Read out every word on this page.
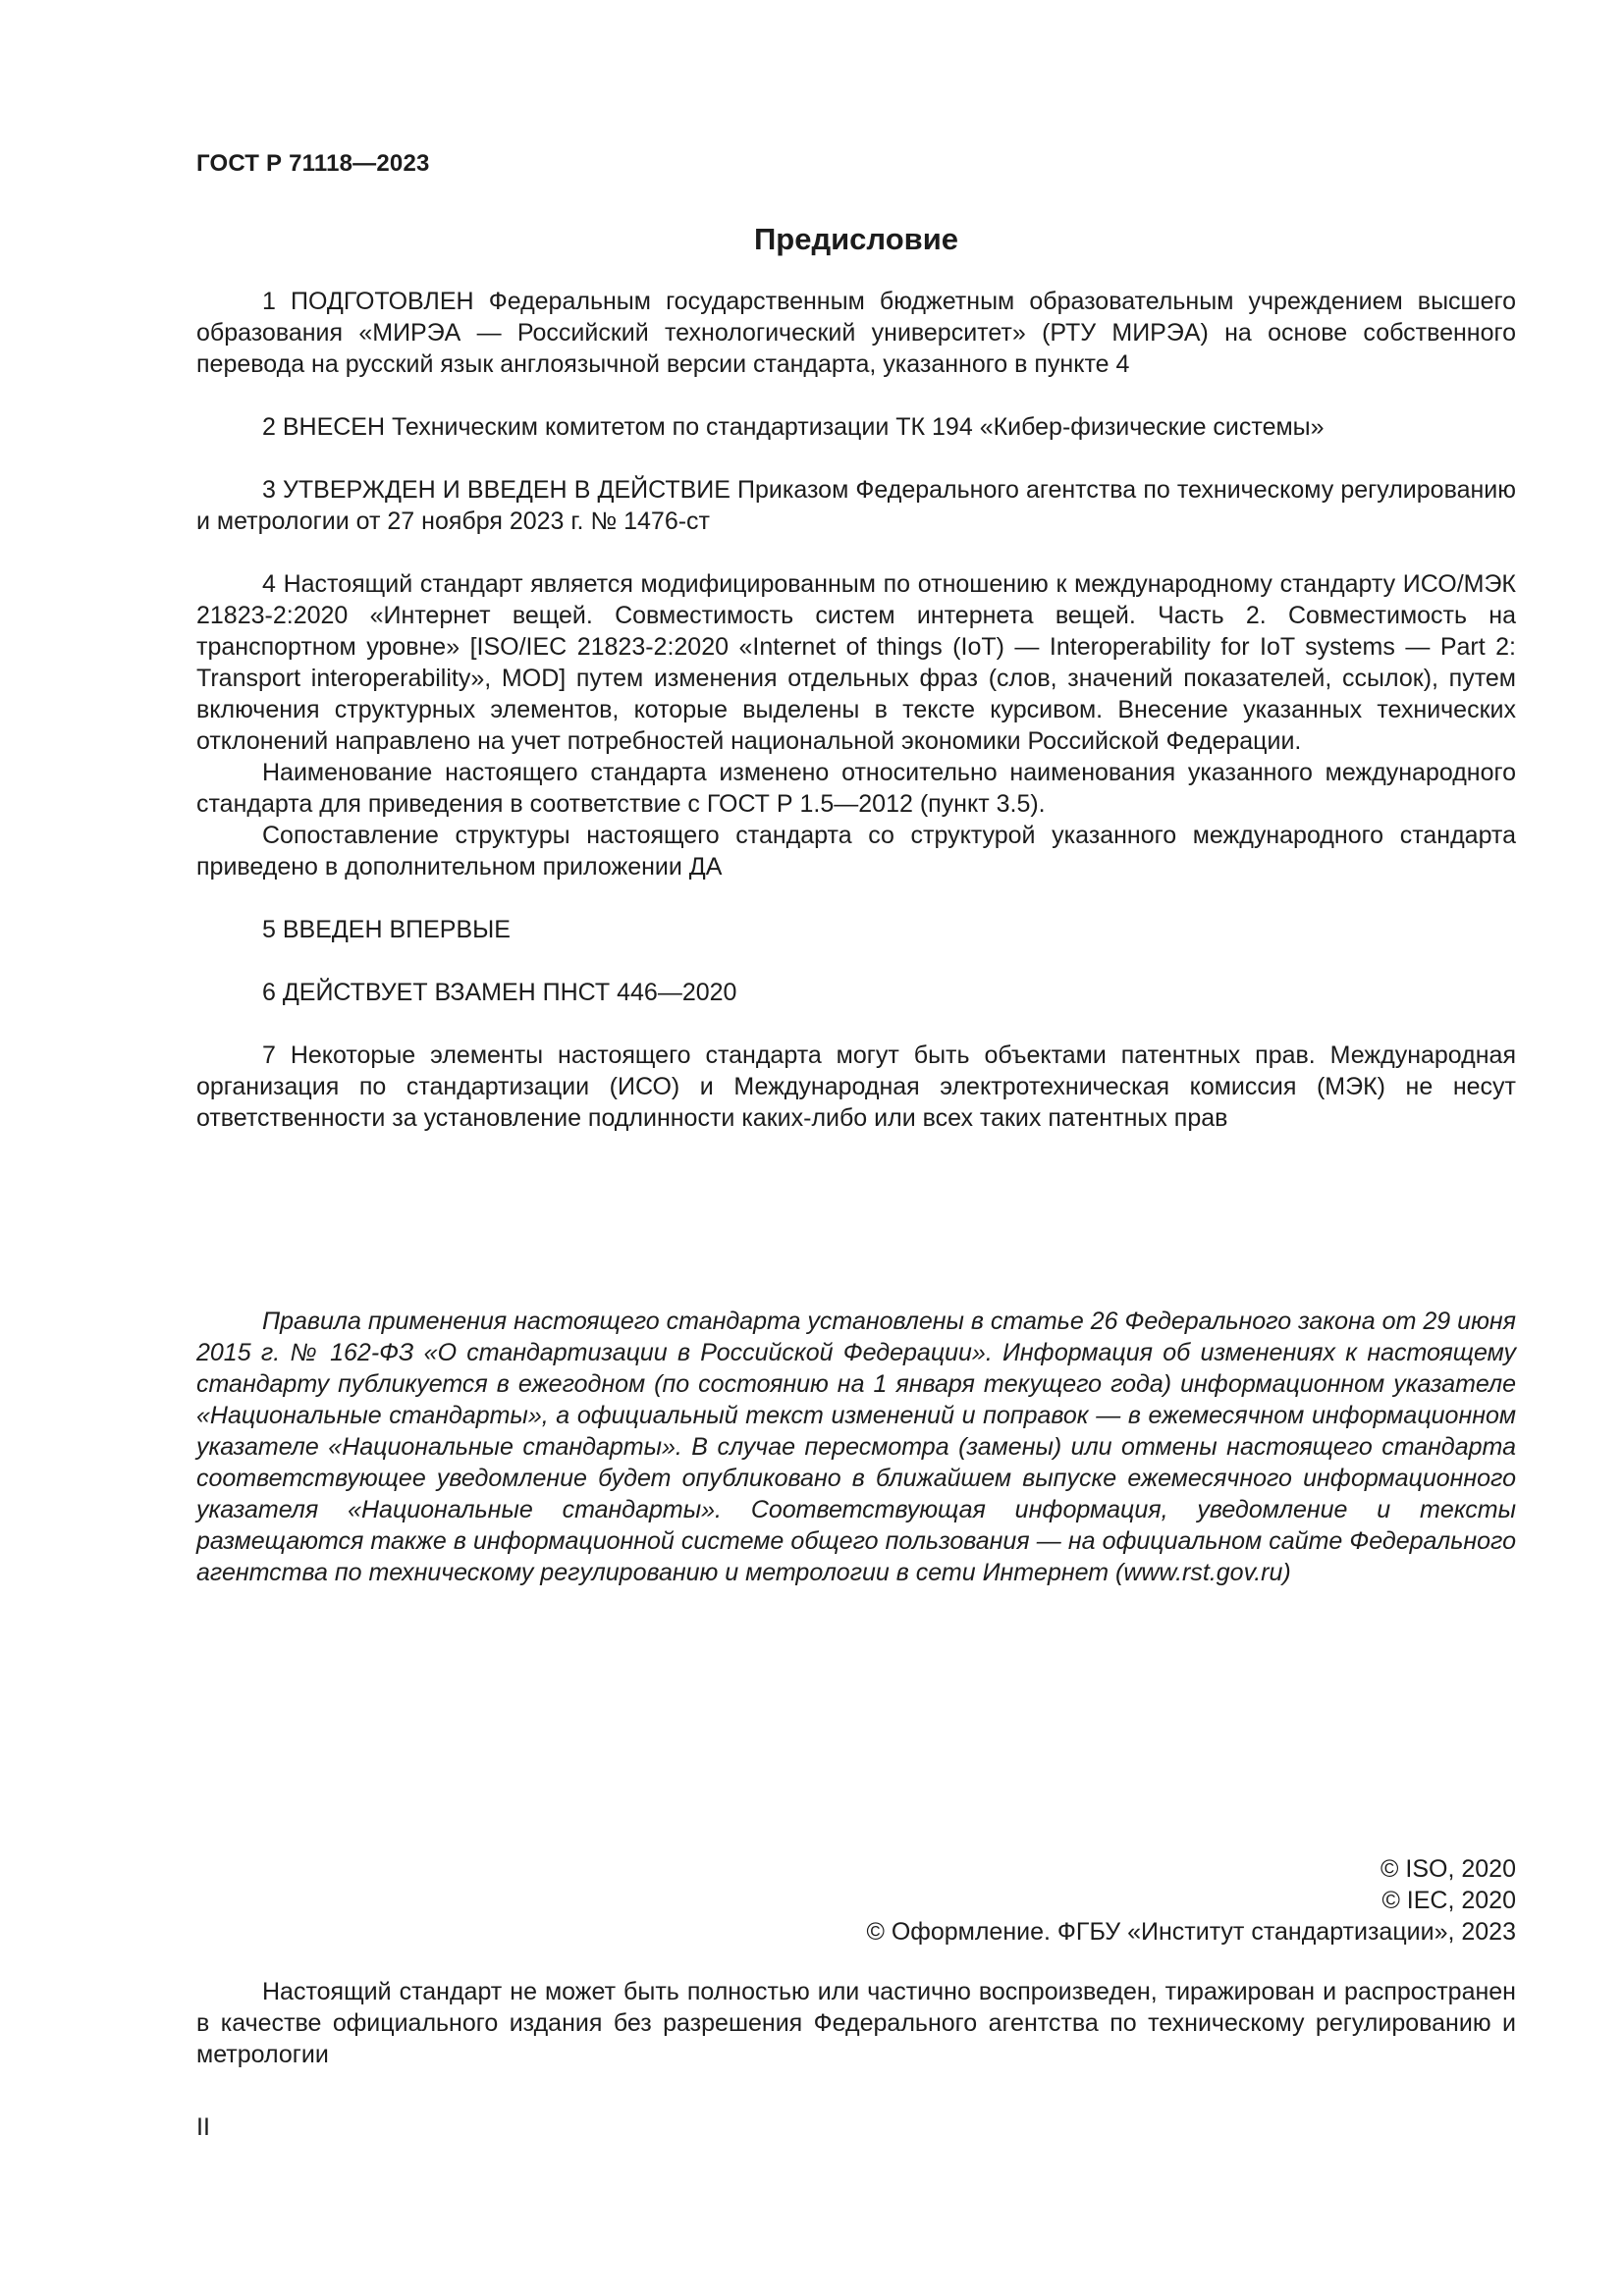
ГОСТ Р 71118—2023
Предисловие

1 ПОДГОТОВЛЕН Федеральным государственным бюджетным образовательным учреждением высшего образования «МИРЭА — Российский технологический университет» (РТУ МИРЭА) на основе собственного перевода на русский язык англоязычной версии стандарта, указанного в пункте 4

2 ВНЕСЕН Техническим комитетом по стандартизации ТК 194 «Кибер-физические системы»

3 УТВЕРЖДЕН И ВВЕДЕН В ДЕЙСТВИЕ Приказом Федерального агентства по техническому регулированию и метрологии от 27 ноября 2023 г. № 1476-ст

4 Настоящий стандарт является модифицированным по отношению к международному стандарту ИСО/МЭК 21823-2:2020 «Интернет вещей. Совместимость систем интернета вещей. Часть 2. Совместимость на транспортном уровне» [ISO/IEC 21823-2:2020 «Internet of things (IoT) — Interoperability for IoT systems — Part 2: Transport interoperability», MOD] путем изменения отдельных фраз (слов, значений показателей, ссылок), путем включения структурных элементов, которые выделены в тексте курсивом. Внесение указанных технических отклонений направлено на учет потребностей национальной экономики Российской Федерации.

Наименование настоящего стандарта изменено относительно наименования указанного международного стандарта для приведения в соответствие с ГОСТ Р 1.5—2012 (пункт 3.5).

Сопоставление структуры настоящего стандарта со структурой указанного международного стандарта приведено в дополнительном приложении ДА

5 ВВЕДЕН ВПЕРВЫЕ

6 ДЕЙСТВУЕТ ВЗАМЕН ПНСТ 446—2020

7 Некоторые элементы настоящего стандарта могут быть объектами патентных прав. Международная организация по стандартизации (ИСО) и Международная электротехническая комиссия (МЭК) не несут ответственности за установление подлинности каких-либо или всех таких патентных прав

Правила применения настоящего стандарта установлены в статье 26 Федерального закона от 29 июня 2015 г. № 162-ФЗ «О стандартизации в Российской Федерации». Информация об изменениях к настоящему стандарту публикуется в ежегодном (по состоянию на 1 января текущего года) информационном указателе «Национальные стандарты», а официальный текст изменений и поправок — в ежемесячном информационном указателе «Национальные стандарты». В случае пересмотра (замены) или отмены настоящего стандарта соответствующее уведомление будет опубликовано в ближайшем выпуске ежемесячного информационного указателя «Национальные стандарты». Соответствующая информация, уведомление и тексты размещаются также в информационной системе общего пользования — на официальном сайте Федерального агентства по техническому регулированию и метрологии в сети Интернет (www.rst.gov.ru)

© ISO, 2020
© IEC, 2020
© Оформление. ФГБУ «Институт стандартизации», 2023

Настоящий стандарт не может быть полностью или частично воспроизведен, тиражирован и распространен в качестве официального издания без разрешения Федерального агентства по техническому регулированию и метрологии

II
